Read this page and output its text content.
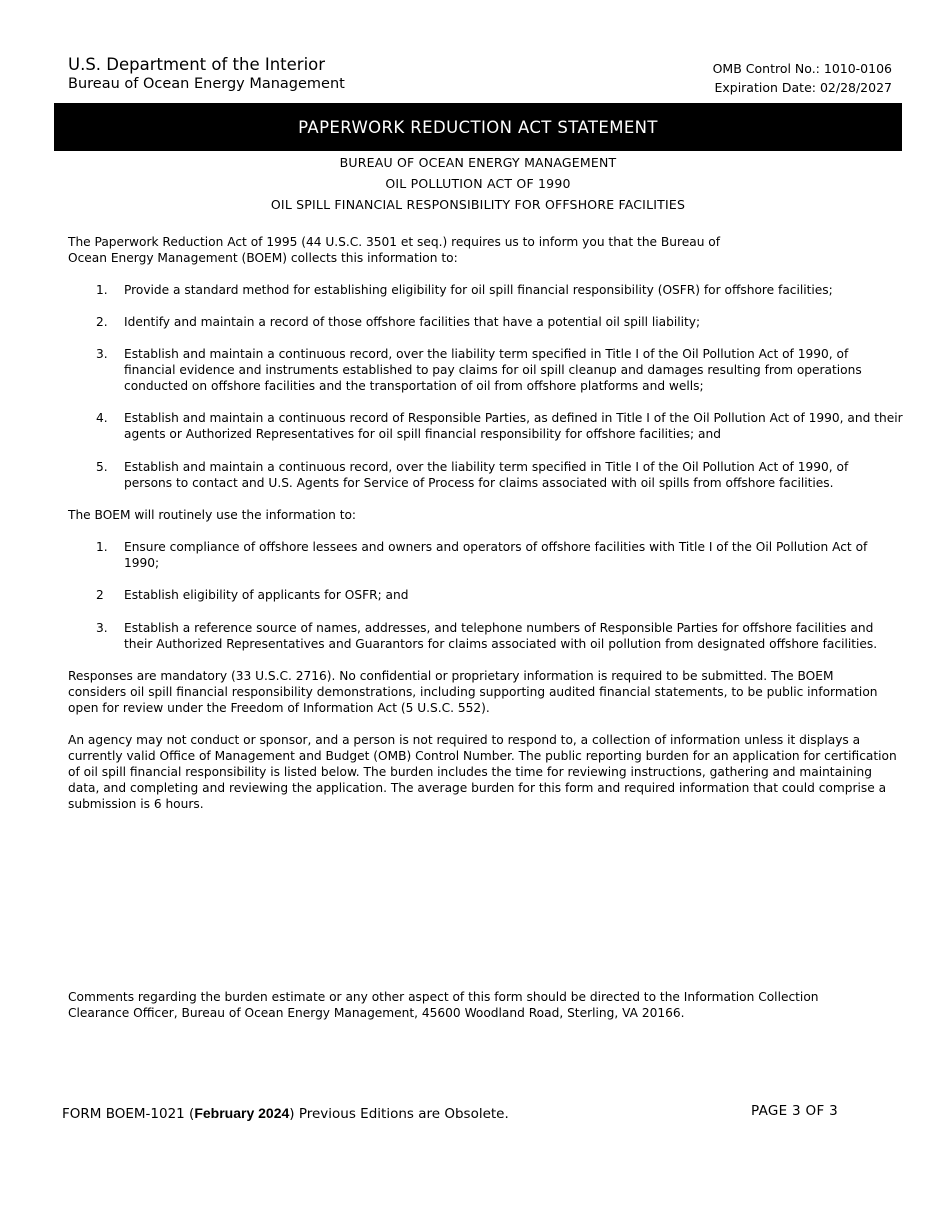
U.S. Department of the Interior
Bureau of Ocean Energy Management
OMB Control No.: 1010-0106
Expiration Date: 02/28/2027
PAPERWORK REDUCTION ACT STATEMENT
BUREAU OF OCEAN ENERGY MANAGEMENT
OIL POLLUTION ACT OF 1990
OIL SPILL FINANCIAL RESPONSIBILITY FOR OFFSHORE FACILITIES
The Paperwork Reduction Act of 1995 (44 U.S.C. 3501 et seq.) requires us to inform you that the Bureau of Ocean Energy Management (BOEM) collects this information to:
1.	Provide a standard method for establishing eligibility for oil spill financial responsibility (OSFR) for offshore facilities;
2.	Identify and maintain a record of those offshore facilities that have a potential oil spill liability;
3.	Establish and maintain a continuous record, over the liability term specified in Title I of the Oil Pollution Act of 1990, of financial evidence and instruments established to pay claims for oil spill cleanup and damages resulting from operations conducted on offshore facilities and the transportation of oil from offshore platforms and wells;
4.	Establish and maintain a continuous record of Responsible Parties, as defined in Title I of the Oil Pollution Act of 1990, and their agents or Authorized Representatives for oil spill financial responsibility for offshore facilities; and
5.	Establish and maintain a continuous record, over the liability term specified in Title I of the Oil Pollution Act of 1990, of persons to contact and U.S. Agents for Service of Process for claims associated with oil spills from offshore facilities.
The BOEM will routinely use the information to:
1.	Ensure compliance of offshore lessees and owners and operators of offshore facilities with Title I of the Oil Pollution Act of 1990;
2	Establish eligibility of applicants for OSFR; and
3.	Establish a reference source of names, addresses, and telephone numbers of Responsible Parties for offshore facilities and their Authorized Representatives and Guarantors for claims associated with oil pollution from designated offshore facilities.
Responses are mandatory (33 U.S.C. 2716). No confidential or proprietary information is required to be submitted. The BOEM considers oil spill financial responsibility demonstrations, including supporting audited financial statements, to be public information open for review under the Freedom of Information Act (5 U.S.C. 552).
An agency may not conduct or sponsor, and a person is not required to respond to, a collection of information unless it displays a currently valid Office of Management and Budget (OMB) Control Number. The public reporting burden for an application for certification of oil spill financial responsibility is listed below. The burden includes the time for reviewing instructions, gathering and maintaining data, and completing and reviewing the application. The average burden for this form and required information that could comprise a submission is 6 hours.
Comments regarding the burden estimate or any other aspect of this form should be directed to the Information Collection Clearance Officer, Bureau of Ocean Energy Management, 45600 Woodland Road, Sterling, VA 20166.
FORM BOEM-1021 (February 2024) Previous Editions are Obsolete.	PAGE 3 OF 3
